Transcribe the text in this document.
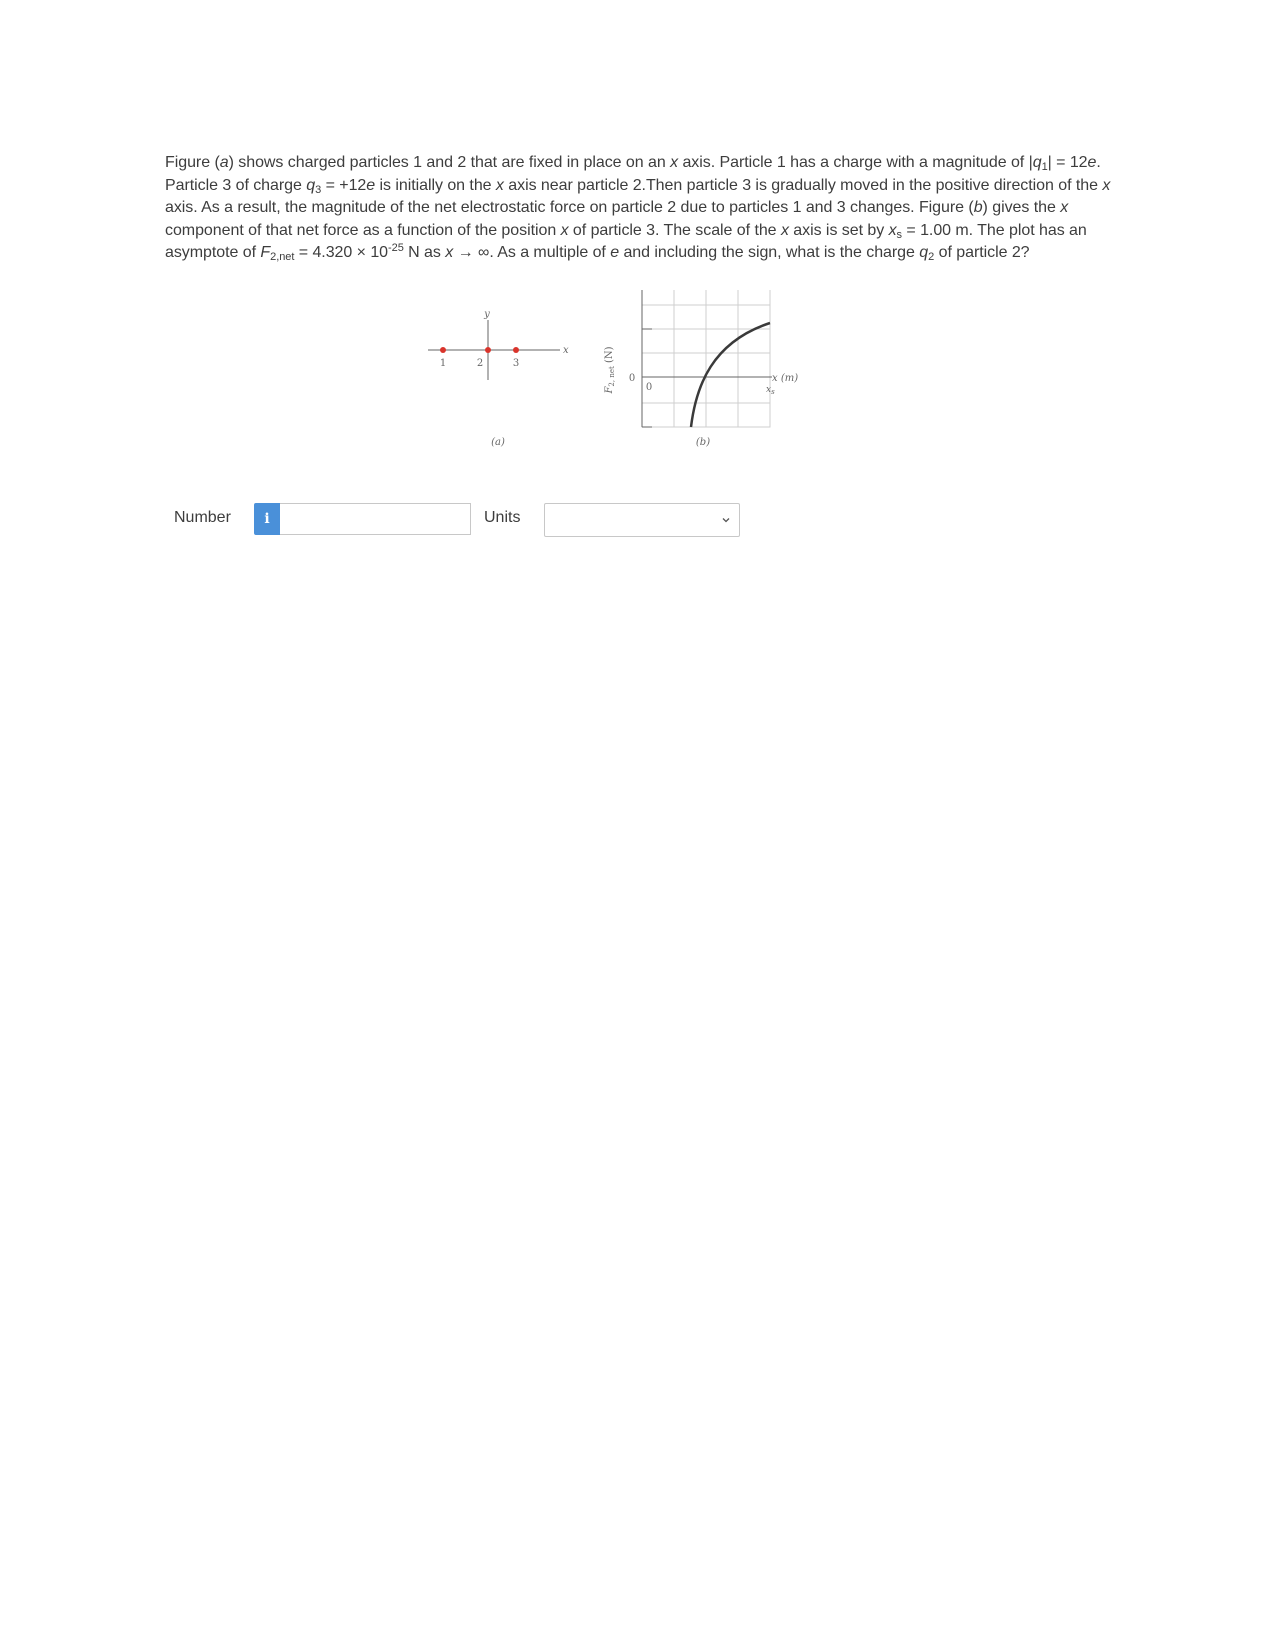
Figure (a) shows charged particles 1 and 2 that are fixed in place on an x axis. Particle 1 has a charge with a magnitude of $|q_1| = 12e$. Particle 3 of charge $q_3 = +12e$ is initially on the x axis near particle 2.Then particle 3 is gradually moved in the positive direction of the x axis. As a result, the magnitude of the net electrostatic force on particle 2 due to particles 1 and 3 changes. Figure (b) gives the x component of that net force as a function of the position x of particle 3. The scale of the x axis is set by $x_s = 1.00$ m. The plot has an asymptote of $F_{2,net} = 4.320 \times 10^{-25}$ N as x → ∞. As a multiple of e and including the sign, what is the charge $q_2$ of particle 2?
y
x
1	2	3
(a)
0
0
x (m)
$x_s$
$F_{2, net}$ (N)
(b)
Number	i	Units
